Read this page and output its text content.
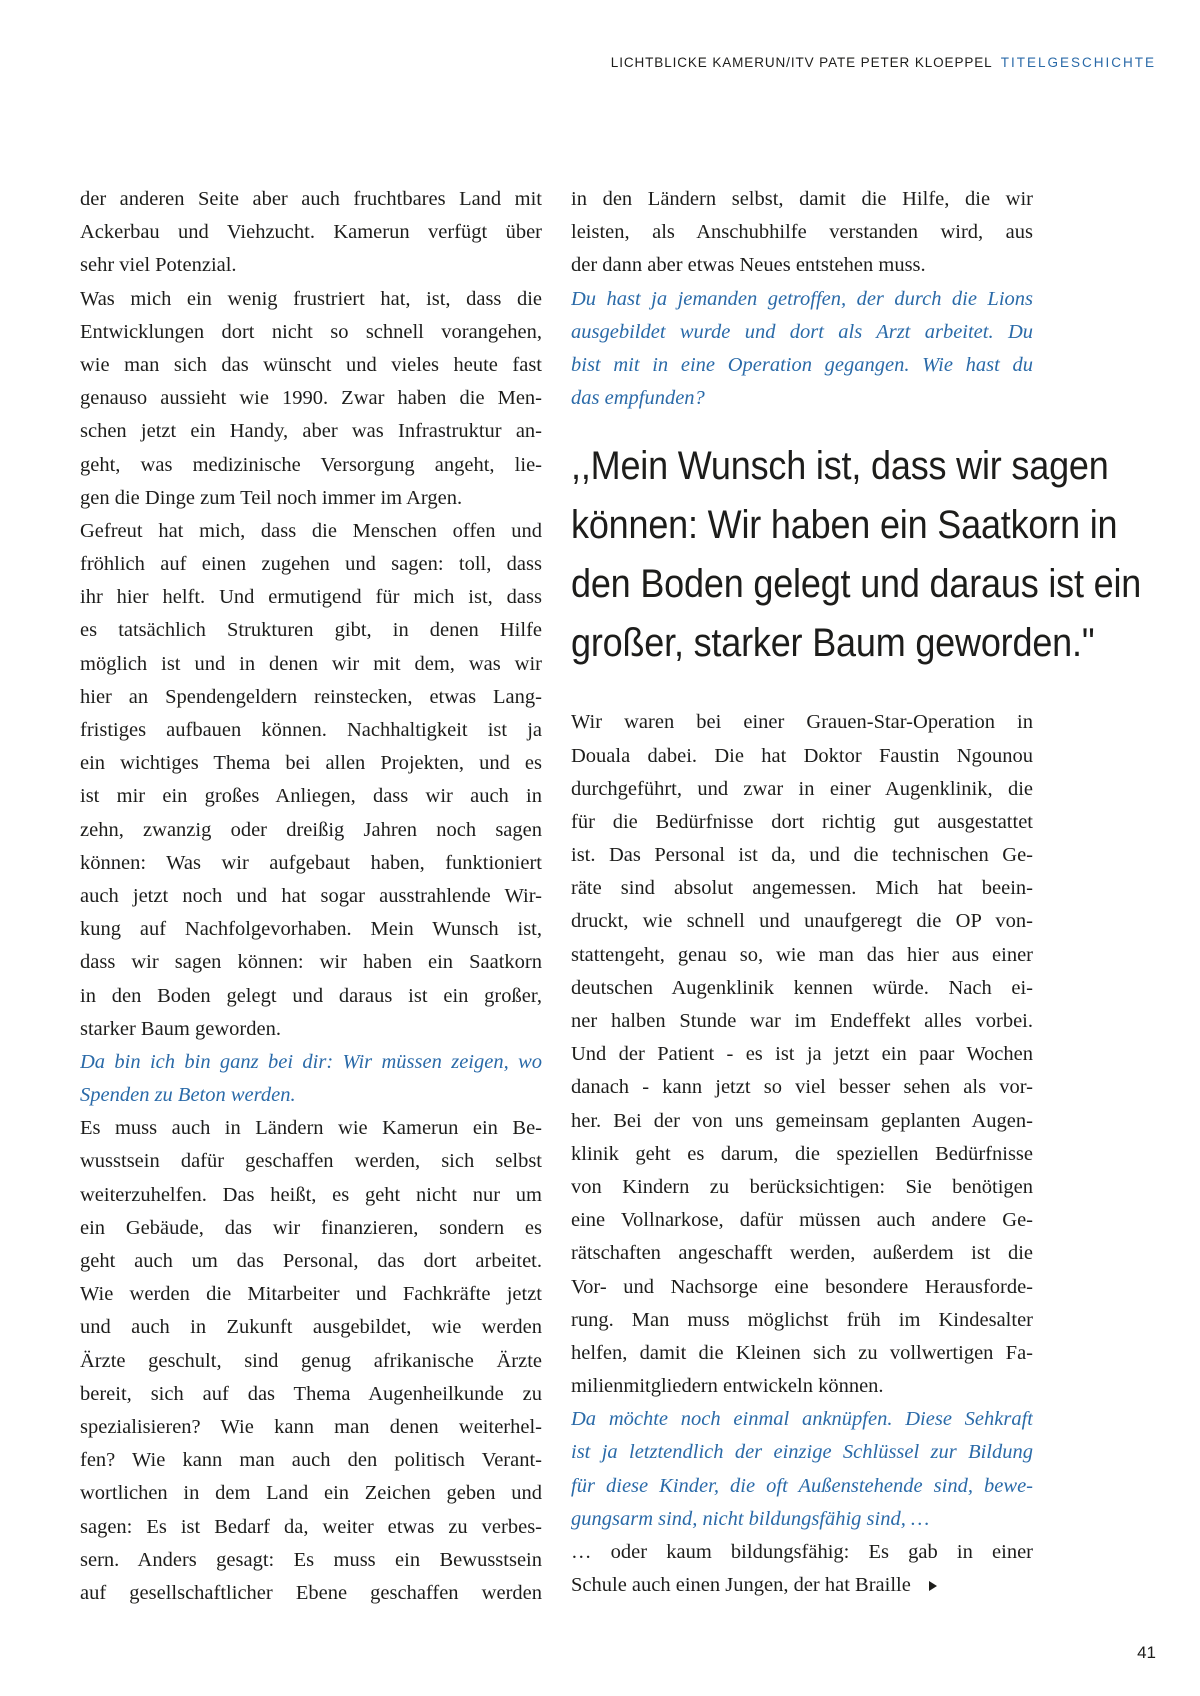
LICHTBLICKE KAMERUN/ITV PATE PETER KLOEPPEL TITELGESCHICHTE
der anderen Seite aber auch fruchtbares Land mit
Ackerbau und Viehzucht. Kamerun verfügt über
sehr viel Potenzial.
Was mich ein wenig frustriert hat, ist, dass die
Entwicklungen dort nicht so schnell vorangehen,
wie man sich das wünscht und vieles heute fast
genauso aussieht wie 1990. Zwar haben die Men-
schen jetzt ein Handy, aber was Infrastruktur an-
geht, was medizinische Versorgung angeht, lie-
gen die Dinge zum Teil noch immer im Argen.
Gefreut hat mich, dass die Menschen offen und
fröhlich auf einen zugehen und sagen: toll, dass
ihr hier helft. Und ermutigend für mich ist, dass
es tatsächlich Strukturen gibt, in denen Hilfe
möglich ist und in denen wir mit dem, was wir
hier an Spendengeldern reinstecken, etwas Lang-
fristiges aufbauen können. Nachhaltigkeit ist ja
ein wichtiges Thema bei allen Projekten, und es
ist mir ein großes Anliegen, dass wir auch in
zehn, zwanzig oder dreißig Jahren noch sagen
können: Was wir aufgebaut haben, funktioniert
auch jetzt noch und hat sogar ausstrahlende Wir-
kung auf Nachfolgevorhaben. Mein Wunsch ist,
dass wir sagen können: wir haben ein Saatkorn
in den Boden gelegt und daraus ist ein großer,
starker Baum geworden.
Da bin ich bin ganz bei dir: Wir müssen zeigen, wo
Spenden zu Beton werden.
Es muss auch in Ländern wie Kamerun ein Be-
wusstsein dafür geschaffen werden, sich selbst
weiterzuhelfen. Das heißt, es geht nicht nur um
ein Gebäude, das wir finanzieren, sondern es
geht auch um das Personal, das dort arbeitet.
Wie werden die Mitarbeiter und Fachkräfte jetzt
und auch in Zukunft ausgebildet, wie werden
Ärzte geschult, sind genug afrikanische Ärzte
bereit, sich auf das Thema Augenheilkunde zu
spezialisieren? Wie kann man denen weiterhel-
fen? Wie kann man auch den politisch Verant-
wortlichen in dem Land ein Zeichen geben und
sagen: Es ist Bedarf da, weiter etwas zu verbes-
sern. Anders gesagt: Es muss ein Bewusstsein
auf gesellschaftlicher Ebene geschaffen werden
in den Ländern selbst, damit die Hilfe, die wir
leisten, als Anschubhilfe verstanden wird, aus
der dann aber etwas Neues entstehen muss.
Du hast ja jemanden getroffen, der durch die Lions
ausgebildet wurde und dort als Arzt arbeitet. Du
bist mit in eine Operation gegangen. Wie hast du
das empfunden?
,,Mein Wunsch ist, dass wir sagen
können: Wir haben ein Saatkorn in
den Boden gelegt und daraus ist ein
großer, starker Baum geworden."
Wir waren bei einer Grauen-Star-Operation in
Douala dabei. Die hat Doktor Faustin Ngounou
durchgeführt, und zwar in einer Augenklinik, die
für die Bedürfnisse dort richtig gut ausgestattet
ist. Das Personal ist da, und die technischen Ge-
räte sind absolut angemessen. Mich hat beein-
druckt, wie schnell und unaufgeregt die OP von-
stattengeht, genau so, wie man das hier aus einer
deutschen Augenklinik kennen würde. Nach ei-
ner halben Stunde war im Endeffekt alles vorbei.
Und der Patient - es ist ja jetzt ein paar Wochen
danach - kann jetzt so viel besser sehen als vor-
her. Bei der von uns gemeinsam geplanten Augen-
klinik geht es darum, die speziellen Bedürfnisse
von Kindern zu berücksichtigen: Sie benötigen
eine Vollnarkose, dafür müssen auch andere Ge-
rätschaften angeschafft werden, außerdem ist die
Vor- und Nachsorge eine besondere Herausforde-
rung. Man muss möglichst früh im Kindesalter
helfen, damit die Kleinen sich zu vollwertigen Fa-
milienmitgliedern entwickeln können.
Da möchte noch einmal anknüpfen. Diese Sehkraft
ist ja letztendlich der einzige Schlüssel zur Bildung
für diese Kinder, die oft Außenstehende sind, bewe-
gungsarm sind, nicht bildungsfähig sind, …
… oder kaum bildungsfähig: Es gab in einer
Schule auch einen Jungen, der hat Braille
41
